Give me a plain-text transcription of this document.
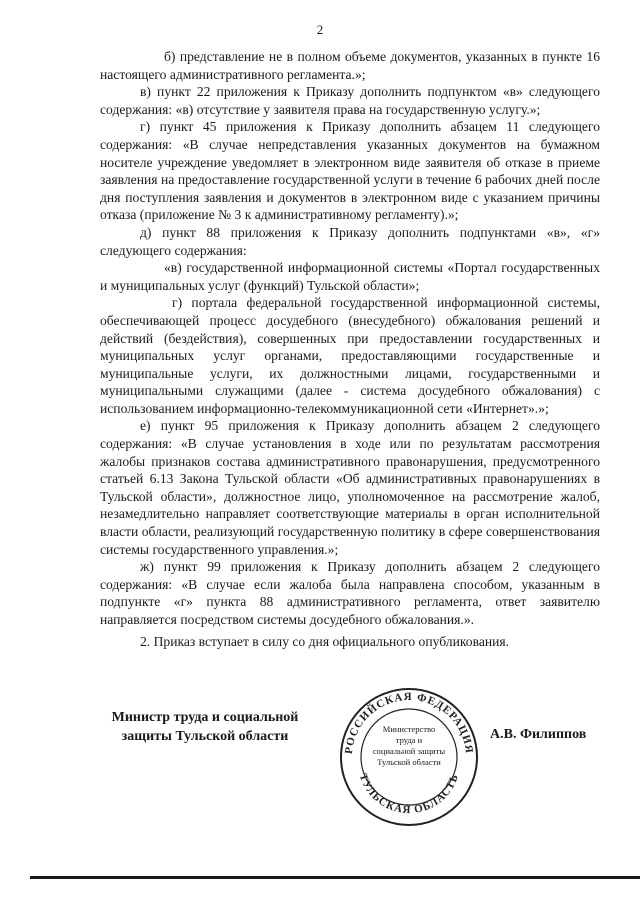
2

б) представление не в полном объеме документов, указанных в пункте 16 настоящего административного регламента.»;

в) пункт 22 приложения к Приказу дополнить подпунктом «в» следующего содержания: «в) отсутствие у заявителя права на государственную услугу.»;

г) пункт 45 приложения к Приказу дополнить абзацем 11 следующего содержания: «В случае непредставления указанных документов на бумажном носителе учреждение уведомляет в электронном виде заявителя об отказе в приеме заявления на предоставление государственной услуги в течение 6 рабочих дней после дня поступления заявления и документов в электронном виде с указанием причины отказа (приложение № 3 к административному регламенту).»;

д) пункт 88 приложения к Приказу дополнить подпунктами «в», «г» следующего содержания:

«в) государственной информационной системы «Портал государственных и муниципальных услуг (функций) Тульской области»;

г) портала федеральной государственной информационной системы, обеспечивающей процесс досудебного (внесудебного) обжалования решений и действий (бездействия), совершенных при предоставлении государственных и муниципальных услуг органами, предоставляющими государственные и муниципальные услуги, их должностными лицами, государственными и муниципальными служащими (далее - система досудебного обжалования) с использованием информационно-телекоммуникационной сети «Интернет».»;

е) пункт 95 приложения к Приказу дополнить абзацем 2 следующего содержания: «В случае установления в ходе или по результатам рассмотрения жалобы признаков состава административного правонарушения, предусмотренного статьей 6.13 Закона Тульской области «Об административных правонарушениях в Тульской области», должностное лицо, уполномоченное на рассмотрение жалоб, незамедлительно направляет соответствующие материалы в орган исполнительной власти области, реализующий государственную политику в сфере совершенствования системы государственного управления.»;

ж) пункт 99 приложения к Приказу дополнить абзацем 2 следующего содержания: «В случае если жалоба была направлена способом, указанным в подпункте «г» пункта 88 административного регламента, ответ заявителю направляется посредством системы досудебного обжалования.».

2. Приказ вступает в силу со дня официального опубликования.

Министр труда и социальной
защиты Тульской области
РОССИЙСКАЯ ФЕДЕРАЦИЯ
ТУЛЬСКАЯ ОБЛАСТЬ
Министерство
труда и
социальной защиты
Тульской области
А.В. Филиппов
